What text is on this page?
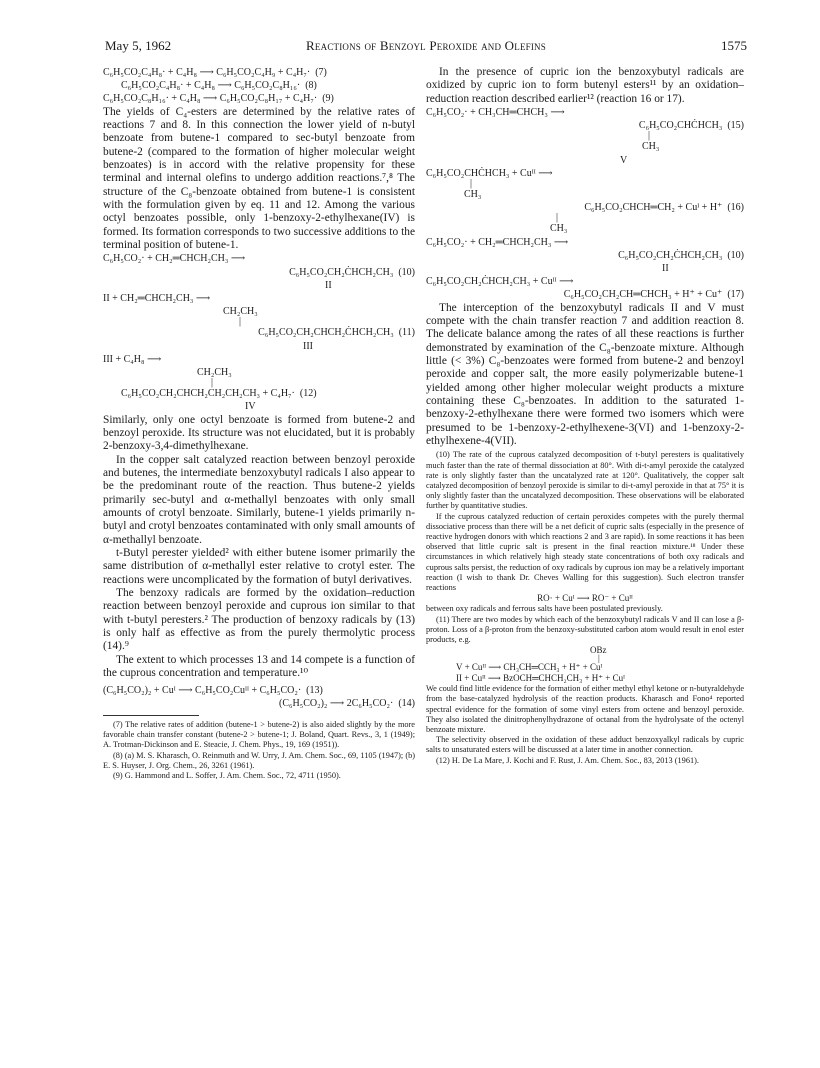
May 5, 1962	Reactions of Benzoyl Peroxide and Olefins	1575
C₆H₅CO₂C₄H₈· + C₄H₈ ⟶ C₆H₅CO₂C₄H₉ + C₄H₇·  (7)
C₆H₅CO₂C₄H₈· + C₄H₈ ⟶ C₆H₅CO₂C₈H₁₆·  (8)
C₆H₅CO₂C₈H₁₆· + C₄H₈ ⟶ C₆H₅CO₂C₈H₁₇ + C₄H₇·  (9)

The yields of C₄-esters are determined by the relative rates of reactions 7 and 8. In this connection the lower yield of n-butyl benzoate from butene-1 compared to sec-butyl benzoate from butene-2 (compared to the formation of higher molecular weight benzoates) is in accord with the relative propensity for these terminal and internal olefins to undergo addition reactions.⁷,⁸ The structure of the C₈-benzoate obtained from butene-1 is consistent with the formulation given by eq. 11 and 12. Among the various octyl benzoates possible, only 1-benzoxy-2-ethylhexane(IV) is formed. Its formation corresponds to two successive additions to the terminal position of butene-1.

C₆H₅CO₂· + CH₂═CHCH₂CH₃ ⟶
C₆H₅CO₂CH₂ĊHCH₂CH₃  (10)
II
II + CH₂═CHCH₂CH₃ ⟶
CH₂CH₃
|
C₆H₅CO₂CH₂CHCH₂ĊHCH₂CH₃  (11)
III
III + C₄H₈ ⟶
CH₂CH₃
|
C₆H₅CO₂CH₂CHCH₂CH₂CH₂CH₃ + C₄H₇·  (12)
IV

Similarly, only one octyl benzoate is formed from butene-2 and benzoyl peroxide. Its structure was not elucidated, but it is probably 2-benzoxy-3,4-dimethylhexane.

In the copper salt catalyzed reaction between benzoyl peroxide and butenes, the intermediate benzoxybutyl radicals I also appear to be the predominant route of the reaction. Thus butene-2 yields primarily sec-butyl and α-methallyl benzoates with only small amounts of crotyl benzoate. Similarly, butene-1 yields primarily n-butyl and crotyl benzoates contaminated with only small amounts of α-methallyl benzoate.

t-Butyl perester yielded² with either butene isomer primarily the same distribution of α-methallyl ester relative to crotyl ester. The reactions were uncomplicated by the formation of butyl derivatives.

The benzoxy radicals are formed by the oxidation–reduction reaction between benzoyl peroxide and cuprous ion similar to that with t-butyl peresters.² The production of benzoxy radicals by (13) is only half as effective as from the purely thermolytic process (14).⁹

The extent to which processes 13 and 14 compete is a function of the cuprous concentration and temperature.¹⁰

(C₆H₅CO₂)₂ + Cuᴵ ⟶ C₆H₅CO₂Cuᴵᴵ + C₆H₅CO₂·  (13)
(C₆H₅CO₂)₂ ⟶ 2C₆H₅CO₂·  (14)

(7) The relative rates of addition (butene-1 > butene-2) is also aided slightly by the more favorable chain transfer constant (butene-2 > butene-1; J. Boland, Quart. Revs., 3, 1 (1949); A. Trotman-Dickinson and E. Steacie, J. Chem. Phys., 19, 169 (1951)).

(8) (a) M. S. Kharasch, O. Reinmuth and W. Urry, J. Am. Chem. Soc., 69, 1105 (1947); (b) E. S. Huyser, J. Org. Chem., 26, 3261 (1961).

(9) G. Hammond and L. Soffer, J. Am. Chem. Soc., 72, 4711 (1950).

In the presence of cupric ion the benzoxybutyl radicals are oxidized by cupric ion to form butenyl esters¹¹ by an oxidation–reduction reaction described earlier¹² (reaction 16 or 17).

C₆H₅CO₂· + CH₃CH═CHCH₃ ⟶
C₆H₅CO₂CHĊHCH₃  (15)
|
CH₃
V
C₆H₅CO₂CHĊHCH₃ + Cuᴵᴵ ⟶
|
CH₃
C₆H₅CO₂CHCH═CH₂ + Cuᴵ + H⁺  (16)
|
CH₃
C₆H₅CO₂· + CH₂═CHCH₂CH₃ ⟶
C₆H₅CO₂CH₂ĊHCH₂CH₃  (10)
II
C₆H₅CO₂CH₂ĊHCH₂CH₃ + Cuᴵᴵ ⟶
C₆H₅CO₂CH₂CH═CHCH₃ + H⁺ + Cu⁺  (17)

The interception of the benzoxybutyl radicals II and V must compete with the chain transfer reaction 7 and addition reaction 8. The delicate balance among the rates of all these reactions is further demonstrated by examination of the C₈-benzoate mixture. Although little (< 3%) C₈-benzoates were formed from butene-2 and benzoyl peroxide and copper salt, the more easily polymerizable butene-1 yielded among other higher molecular weight products a mixture containing these C₈-benzoates. In addition to the saturated 1-benzoxy-2-ethylhexane there were formed two isomers which were presumed to be 1-benzoxy-2-ethylhexene-3(VI) and 1-benzoxy-2-ethylhexene-4(VII).

(10) The rate of the cuprous catalyzed decomposition of t-butyl peresters is qualitatively much faster than the rate of thermal dissociation at 80°. With di-t-amyl peroxide the catalyzed rate is only slightly faster than the uncatalyzed rate at 120°. Qualitatively, the copper salt catalyzed decomposition of benzoyl peroxide is similar to di-t-amyl peroxide in that at 75° it is only slightly faster than the uncatalyzed decomposition. These observations will be elaborated further by quantitative studies.

If the cuprous catalyzed reduction of certain peroxides competes with the purely thermal dissociative process than there will be a net deficit of cupric salts (especially in the presence of reactive hydrogen donors with which reactions 2 and 3 are rapid). In some reactions it has been observed that little cupric salt is present in the final reaction mixture.¹⁸ Under these circumstances in which relatively high steady state concentrations of both oxy radicals and cuprous salts persist, the reduction of oxy radicals by cuprous ion may be a relatively important reaction (I wish to thank Dr. Cheves Walling for this suggestion). Such electron transfer reactions

RO· + Cuᴵ ⟶ RO⁻ + Cuᴵᴵ

between oxy radicals and ferrous salts have been postulated previously.

(11) There are two modes by which each of the benzoxybutyl radicals V and II can lose a β-proton. Loss of a β-proton from the benzoxy-substituted carbon atom would result in enol ester products, e.g.

OBz
|
V + Cuᴵᴵ ⟶ CH₃CH═CCH₃ + H⁺ + Cuᴵ
II + Cuᴵᴵ ⟶ BzOCH═CHCH₂CH₃ + H⁺ + Cuᴵ

We could find little evidence for the formation of either methyl ethyl ketone or n-butyraldehyde from the base-catalyzed hydrolysis of the reaction products. Kharasch and Fono⁴ reported spectral evidence for the formation of some vinyl esters from octene and benzoyl peroxide. They also isolated the dinitrophenylhydrazone of octanal from the hydrolysate of the octenyl benzoate mixture.

The selectivity observed in the oxidation of these adduct benzoxyalkyl radicals by cupric salts to unsaturated esters will be discussed at a later time in another connection.

(12) H. De La Mare, J. Kochi and F. Rust, J. Am. Chem. Soc., 83, 2013 (1961).
